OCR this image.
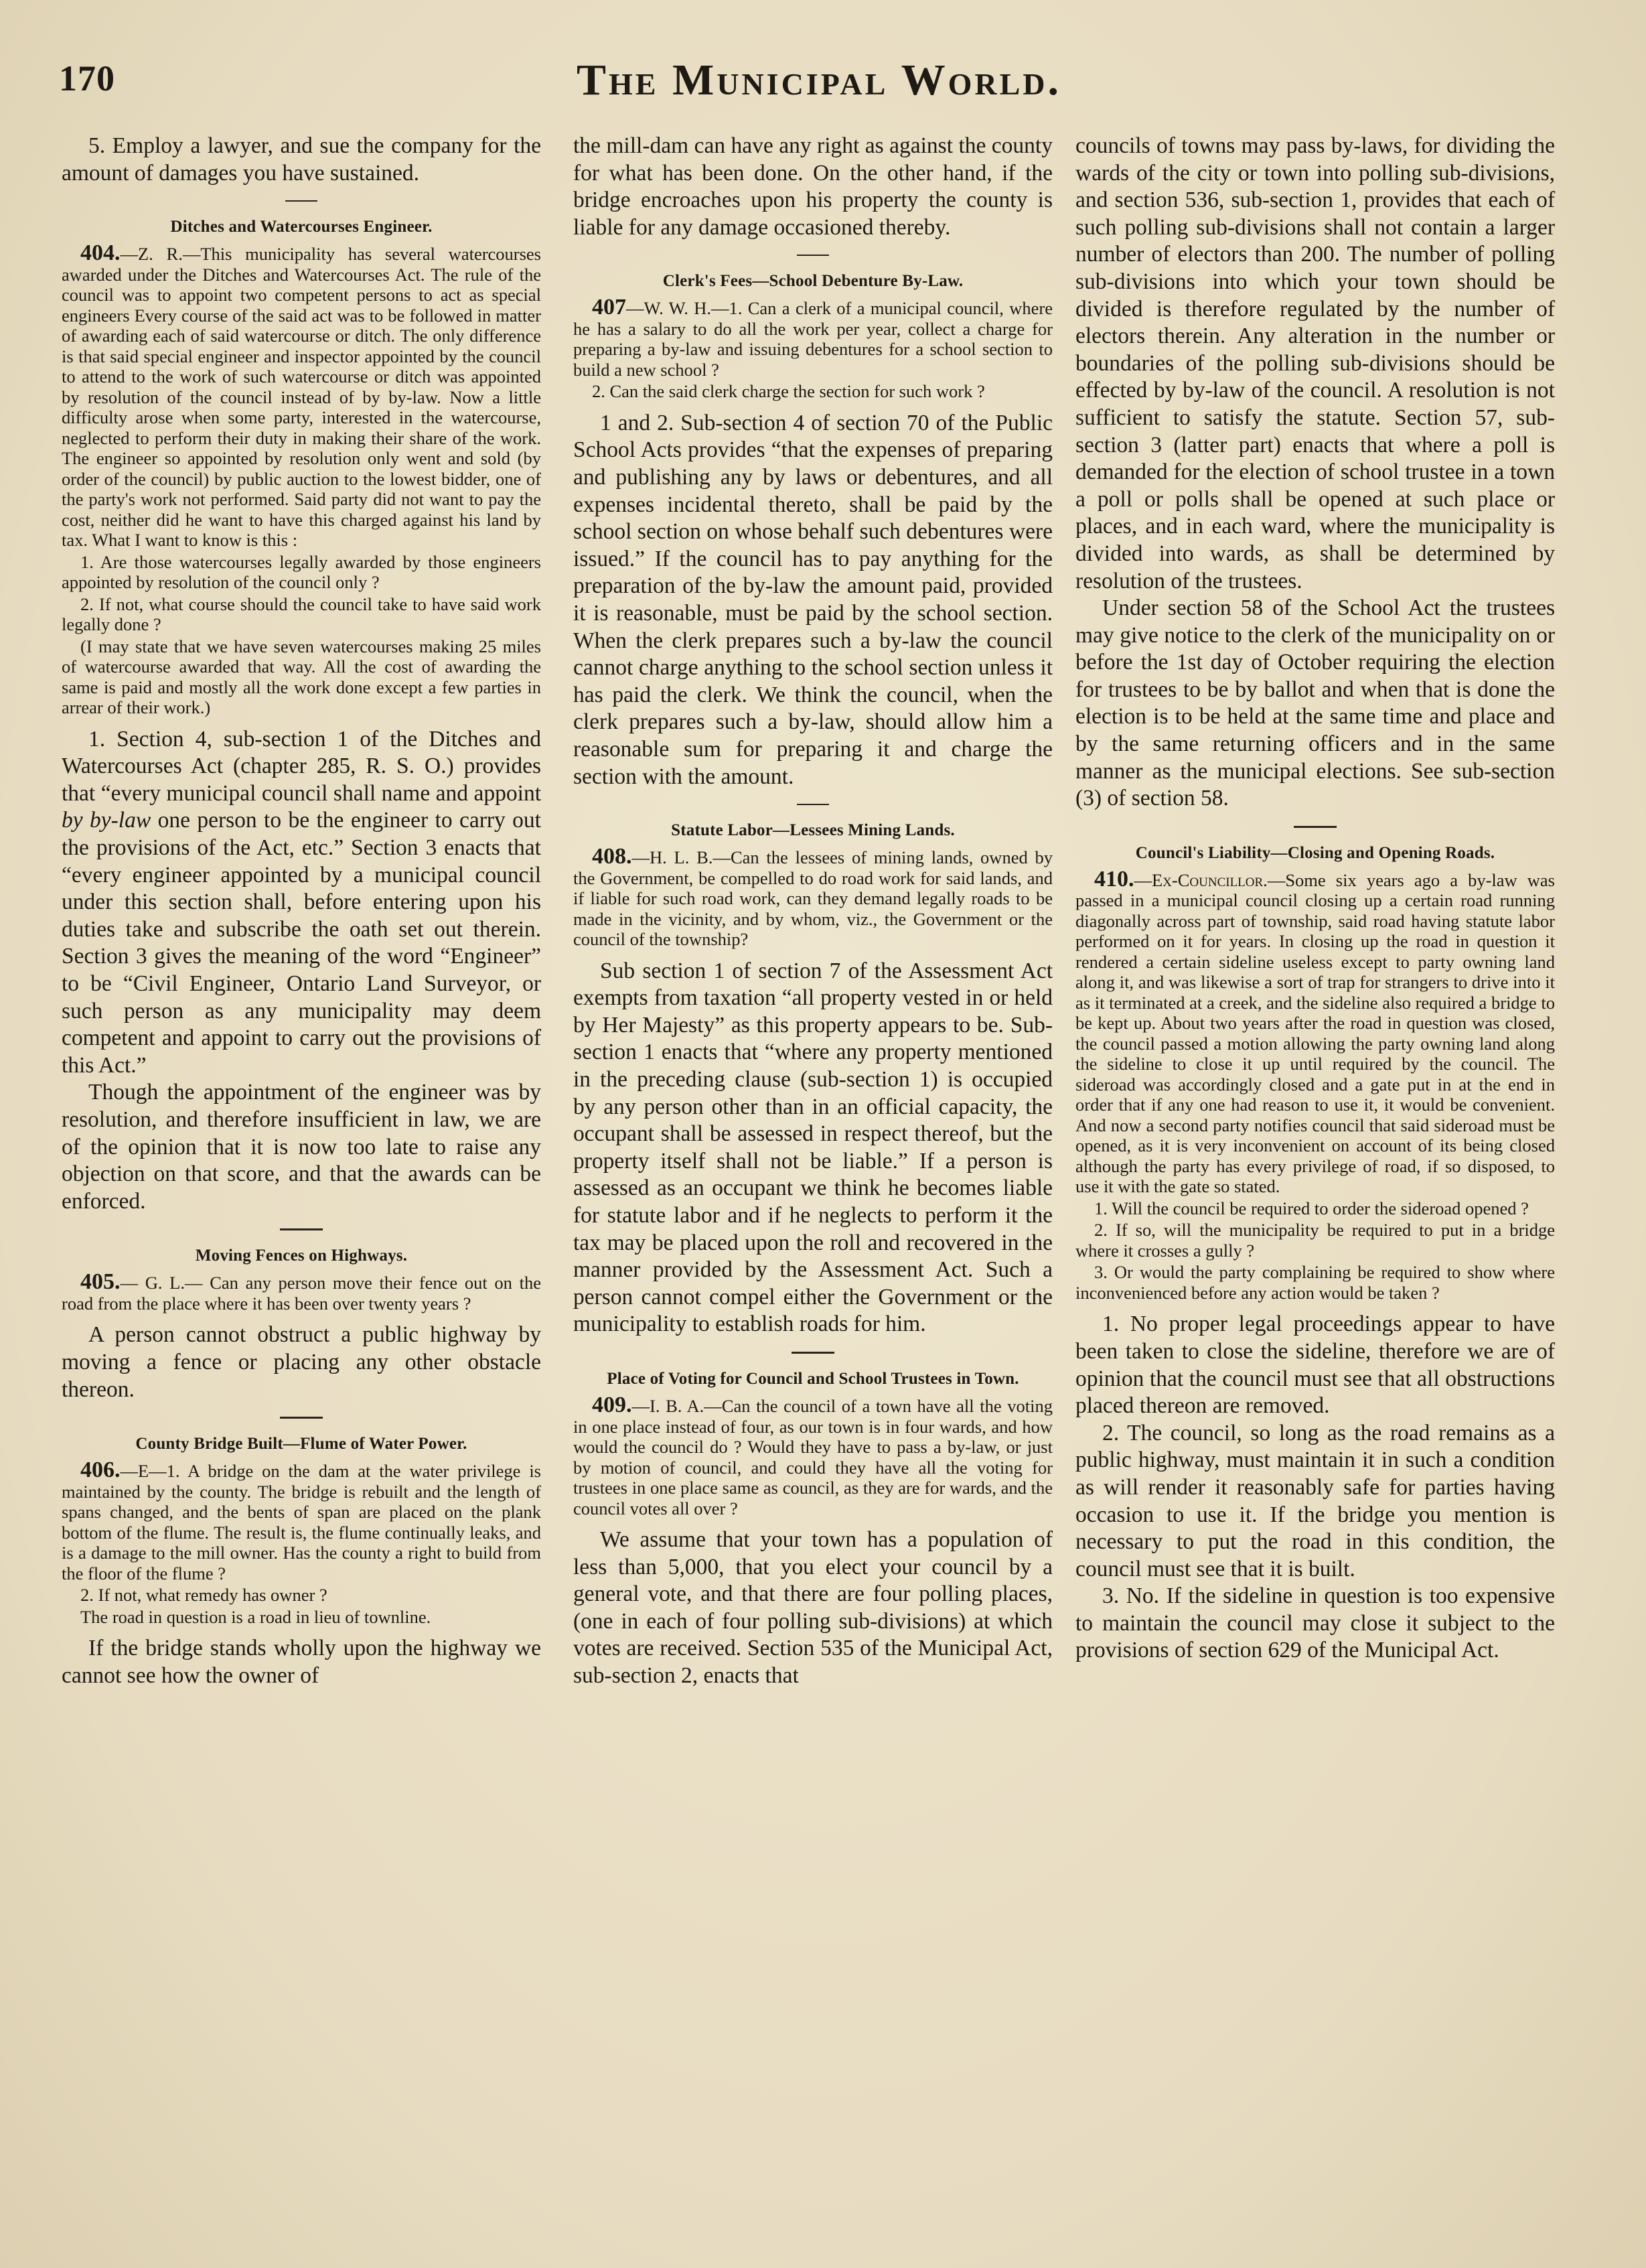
170	The Municipal World.

5. Employ a lawyer, and sue the company for the amount of damages you have sustained.

Ditches and Watercourses Engineer.

404.—Z. R.—This municipality has several watercourses awarded under the Ditches and Watercourses Act. The rule of the council was to appoint two competent persons to act as special engineers Every course of the said act was to be followed in matter of awarding each of said watercourse or ditch. The only difference is that said special engineer and inspector appointed by the council to attend to the work of such watercourse or ditch was appointed by resolution of the council instead of by by-law. Now a little difficulty arose when some party, interested in the watercourse, neglected to perform their duty in making their share of the work. The engineer so appointed by resolution only went and sold (by order of the council) by public auction to the lowest bidder, one of the party's work not performed. Said party did not want to pay the cost, neither did he want to have this charged against his land by tax. What I want to know is this :

1. Are those watercourses legally awarded by those engineers appointed by resolution of the council only ?

2. If not, what course should the council take to have said work legally done ?

(I may state that we have seven watercourses making 25 miles of watercourse awarded that way. All the cost of awarding the same is paid and mostly all the work done except a few parties in arrear of their work.)

1. Section 4, sub-section 1 of the Ditches and Watercourses Act (chapter 285, R. S. O.) provides that “every municipal council shall name and appoint by by-law one person to be the engineer to carry out the provisions of the Act, etc.” Section 3 enacts that “every engineer appointed by a municipal council under this section shall, before entering upon his duties take and subscribe the oath set out therein. Section 3 gives the meaning of the word “Engineer” to be “Civil Engineer, Ontario Land Surveyor, or such person as any municipality may deem competent and appoint to carry out the provisions of this Act.”

Though the appointment of the engineer was by resolution, and therefore insufficient in law, we are of the opinion that it is now too late to raise any objection on that score, and that the awards can be enforced.

Moving Fences on Highways.

405.— G. L.— Can any person move their fence out on the road from the place where it has been over twenty years ?

A person cannot obstruct a public highway by moving a fence or placing any other obstacle thereon.

County Bridge Built—Flume of Water Power.

406.—E—1. A bridge on the dam at the water privilege is maintained by the county. The bridge is rebuilt and the length of spans changed, and the bents of span are placed on the plank bottom of the flume. The result is, the flume continually leaks, and is a damage to the mill owner. Has the county a right to build from the floor of the flume ?

2. If not, what remedy has owner ?

The road in question is a road in lieu of townline.

If the bridge stands wholly upon the highway we cannot see how the owner of

the mill-dam can have any right as against the county for what has been done. On the other hand, if the bridge encroaches upon his property the county is liable for any damage occasioned thereby.

Clerk's Fees—School Debenture By-Law.

407—W. W. H.—1. Can a clerk of a municipal council, where he has a salary to do all the work per year, collect a charge for preparing a by-law and issuing debentures for a school section to build a new school ?

2. Can the said clerk charge the section for such work ?

1 and 2. Sub-section 4 of section 70 of the Public School Acts provides “that the expenses of preparing and publishing any by laws or debentures, and all expenses incidental thereto, shall be paid by the school section on whose behalf such debentures were issued.” If the council has to pay anything for the preparation of the by-law the amount paid, provided it is reasonable, must be paid by the school section. When the clerk prepares such a by-law the council cannot charge anything to the school section unless it has paid the clerk. We think the council, when the clerk prepares such a by-law, should allow him a reasonable sum for preparing it and charge the section with the amount.

Statute Labor—Lessees Mining Lands.

408.—H. L. B.—Can the lessees of mining lands, owned by the Government, be compelled to do road work for said lands, and if liable for such road work, can they demand legally roads to be made in the vicinity, and by whom, viz., the Government or the council of the township?

Sub section 1 of section 7 of the Assessment Act exempts from taxation “all property vested in or held by Her Majesty” as this property appears to be. Sub-section 1 enacts that “where any property mentioned in the preceding clause (sub-section 1) is occupied by any person other than in an official capacity, the occupant shall be assessed in respect thereof, but the property itself shall not be liable.” If a person is assessed as an occupant we think he becomes liable for statute labor and if he neglects to perform it the tax may be placed upon the roll and recovered in the manner provided by the Assessment Act. Such a person cannot compel either the Government or the municipality to establish roads for him.

Place of Voting for Council and School Trustees in Town.

409.—I. B. A.—Can the council of a town have all the voting in one place instead of four, as our town is in four wards, and how would the council do ? Would they have to pass a by-law, or just by motion of council, and could they have all the voting for trustees in one place same as council, as they are for wards, and the council votes all over ?

We assume that your town has a population of less than 5,000, that you elect your council by a general vote, and that there are four polling places, (one in each of four polling sub-divisions) at which votes are received. Section 535 of the Municipal Act, sub-section 2, enacts that

councils of towns may pass by-laws, for dividing the wards of the city or town into polling sub-divisions, and section 536, sub-section 1, provides that each of such polling sub-divisions shall not contain a larger number of electors than 200. The number of polling sub-divisions into which your town should be divided is therefore regulated by the number of electors therein. Any alteration in the number or boundaries of the polling sub-divisions should be effected by by-law of the council. A resolution is not sufficient to satisfy the statute. Section 57, sub-section 3 (latter part) enacts that where a poll is demanded for the election of school trustee in a town a poll or polls shall be opened at such place or places, and in each ward, where the municipality is divided into wards, as shall be determined by resolution of the trustees.

Under section 58 of the School Act the trustees may give notice to the clerk of the municipality on or before the 1st day of October requiring the election for trustees to be by ballot and when that is done the election is to be held at the same time and place and by the same returning officers and in the same manner as the municipal elections. See sub-section (3) of section 58.

Council's Liability—Closing and Opening Roads.

410.—Ex-Councillor.—Some six years ago a by-law was passed in a municipal council closing up a certain road running diagonally across part of township, said road having statute labor performed on it for years. In closing up the road in question it rendered a certain sideline useless except to party owning land along it, and was likewise a sort of trap for strangers to drive into it as it terminated at a creek, and the sideline also required a bridge to be kept up. About two years after the road in question was closed, the council passed a motion allowing the party owning land along the sideline to close it up until required by the council. The sideroad was accordingly closed and a gate put in at the end in order that if any one had reason to use it, it would be convenient. And now a second party notifies council that said sideroad must be opened, as it is very inconvenient on account of its being closed although the party has every privilege of road, if so disposed, to use it with the gate so stated.

1. Will the council be required to order the sideroad opened ?

2. If so, will the municipality be required to put in a bridge where it crosses a gully ?

3. Or would the party complaining be required to show where inconvenienced before any action would be taken ?

1. No proper legal proceedings appear to have been taken to close the sideline, therefore we are of opinion that the council must see that all obstructions placed thereon are removed.

2. The council, so long as the road remains as a public highway, must maintain it in such a condition as will render it reasonably safe for parties having occasion to use it. If the bridge you mention is necessary to put the road in this condition, the council must see that it is built.

3. No. If the sideline in question is too expensive to maintain the council may close it subject to the provisions of section 629 of the Municipal Act.
